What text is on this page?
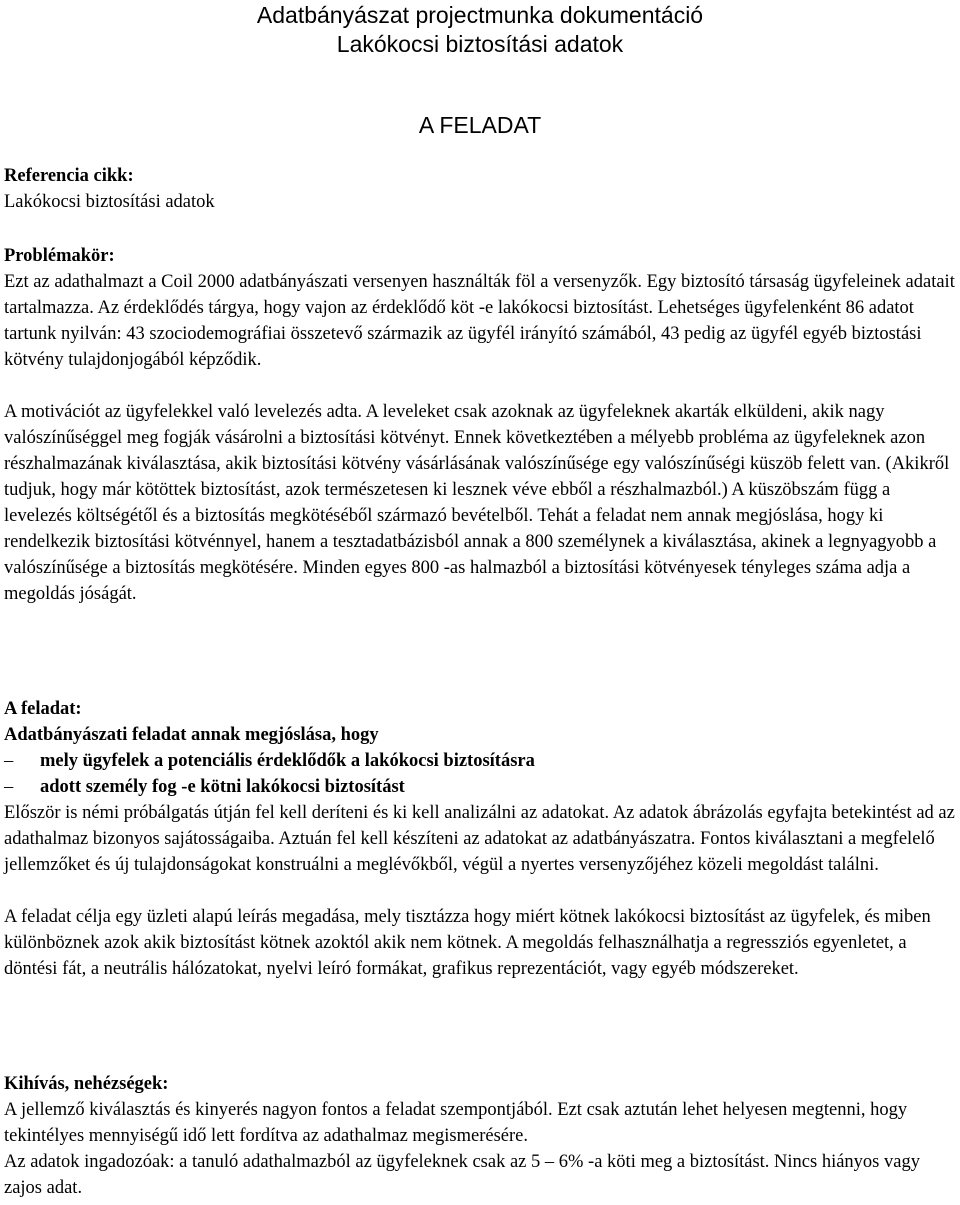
Adatbányászat projectmunka dokumentáció
Lakókocsi biztosítási adatok
A FELADAT

Referencia cikk:

Lakókocsi biztosítási adatok

Problémakör:

Ezt az adathalmazt a Coil 2000 adatbányászati versenyen használták föl a versenyzők. Egy biztosító társaság ügyfeleinek adatait tartalmazza. Az érdeklődés tárgya, hogy vajon az érdeklődő köt -e lakókocsi biztosítást. Lehetséges ügyfelenként 86 adatot tartunk nyilván: 43 szociodemográfiai összetevő származik az ügyfél irányító számából, 43 pedig az ügyfél egyéb biztostási kötvény tulajdonjogából képződik.

A motivációt az ügyfelekkel való levelezés adta. A leveleket csak azoknak az ügyfeleknek akarták elküldeni, akik nagy valószínűséggel meg fogják vásárolni a biztosítási kötvényt. Ennek következtében a mélyebb probléma az ügyfeleknek azon részhalmazának kiválasztása, akik biztosítási kötvény vásárlásának valószínűsége egy valószínűségi küszöb felett van. (Akikről tudjuk, hogy már kötöttek biztosítást, azok természetesen ki lesznek véve ebből a részhalmazból.) A küszöbszám függ a levelezés költségétől és a biztosítás megkötéséből származó bevételből. Tehát a feladat nem annak megjóslása, hogy ki rendelkezik biztosítási kötvénnyel, hanem a tesztadatbázisból annak a 800 személynek a kiválasztása, akinek a legnyagyobb a valószínűsége a biztosítás megkötésére. Minden egyes 800 -as halmazból a biztosítási kötvényesek tényleges száma adja a megoldás jóságát.

A feladat:

Adatbányászati feladat annak megjóslása, hogy

–	mely ügyfelek a potenciális érdeklődők a lakókocsi biztosításra
–	adott személy fog -e kötni lakókocsi biztosítást

Először is némi próbálgatás útján fel kell deríteni és ki kell analizálni az adatokat. Az adatok ábrázolás egyfajta betekintést ad az adathalmaz bizonyos sajátosságaiba. Aztuán fel kell készíteni az adatokat az adatbányászatra. Fontos kiválasztani a megfelelő jellemzőket és új tulajdonságokat konstruálni a meglévőkből, végül a nyertes versenyzőjéhez közeli megoldást találni.

A feladat célja egy üzleti alapú leírás megadása, mely tisztázza hogy miért kötnek lakókocsi biztosítást az ügyfelek, és miben különböznek azok akik biztosítást kötnek azoktól akik nem kötnek. A megoldás felhasználhatja a regressziós egyenletet, a döntési fát, a neutrális hálózatokat, nyelvi leíró formákat, grafikus reprezentációt, vagy egyéb módszereket.

Kihívás, nehézségek:

A jellemző kiválasztás és kinyerés nagyon fontos a feladat szempontjából. Ezt csak aztután lehet helyesen megtenni, hogy tekintélyes mennyiségű idő lett fordítva az adathalmaz megismerésére.

Az adatok ingadozóak: a tanuló adathalmazból az ügyfeleknek csak az 5 – 6% -a köti meg a biztosítást. Nincs hiányos vagy zajos adat.
